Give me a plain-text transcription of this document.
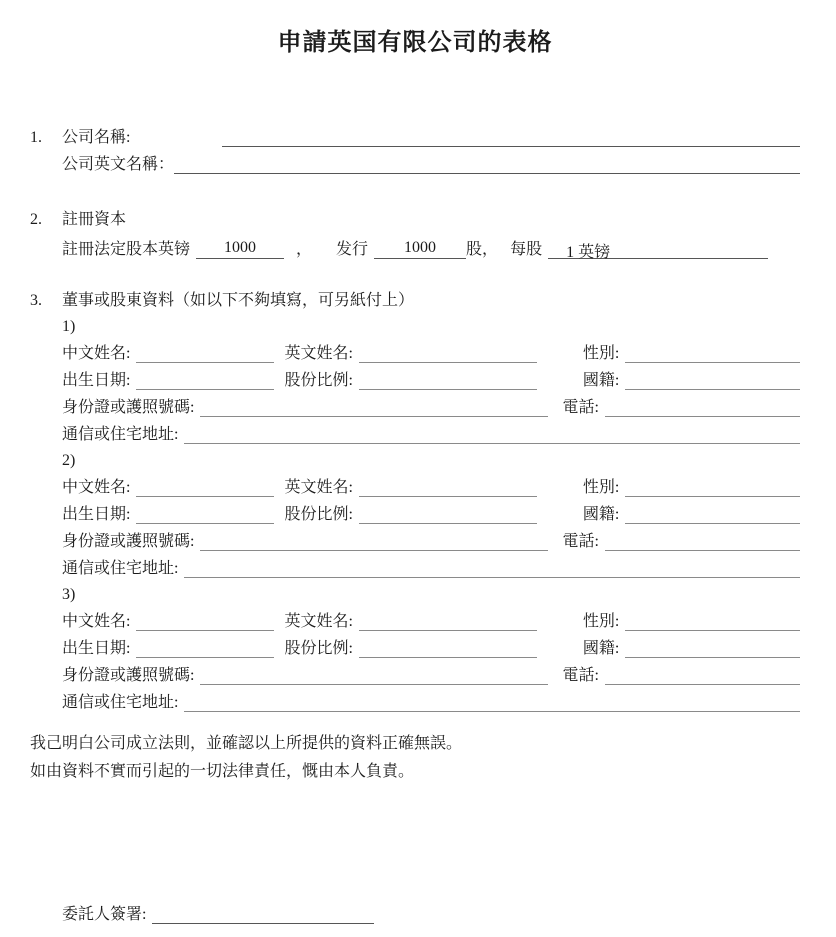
申請英国有限公司的表格
1.	公司名稱:
公司英文名稱：
2.	註冊資本
註冊法定股本英镑	1000	， 发行	1000	股， 每股	1 英镑
3.	董事或股東資料（如以下不夠填寫，可另紙付上）
1)
中文姓名:	英文姓名:	性別:
出生日期:	股份比例:	國籍:
身份證或護照號碼:	電話:
通信或住宅地址:
2)
中文姓名:	英文姓名:	性別:
出生日期:	股份比例:	國籍:
身份證或護照號碼:	電話:
通信或住宅地址:
3)
中文姓名:	英文姓名:	性別:
出生日期:	股份比例:	國籍:
身份證或護照號碼:	電話:
通信或住宅地址:
我己明白公司成立法則，並確認以上所提供的資料正確無誤。
如由資料不實而引起的一切法律責任，慨由本人負責。
委託人簽署:
